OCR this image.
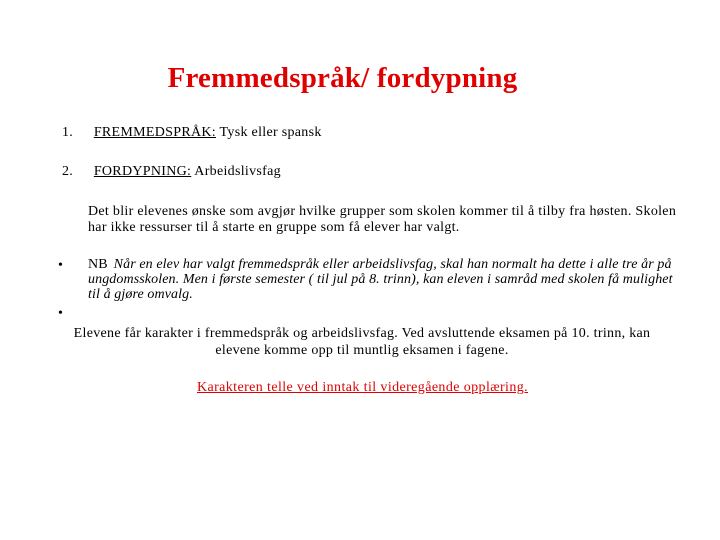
Fremmedspråk/ fordypning
1. FREMMEDSPRÅK: Tysk eller spansk
2. FORDYPNING: Arbeidslivsfag
Det blir elevenes ønske som avgjør hvilke grupper som skolen kommer til å tilby fra høsten. Skolen har ikke ressurser til å starte en gruppe som få elever har valgt.
• NB Når en elev har valgt fremmedspråk eller arbeidslivsfag, skal han normalt ha dette i alle tre år på ungdomsskolen. Men i første semester ( til jul på 8. trinn), kan eleven i samråd med skolen få mulighet til å gjøre omvalg.
•
Elevene får karakter i fremmedspråk og arbeidslivsfag. Ved avsluttende eksamen på 10. trinn, kan elevene komme opp til muntlig eksamen i fagene.
Karakteren telle ved inntak til videregående opplæring.
